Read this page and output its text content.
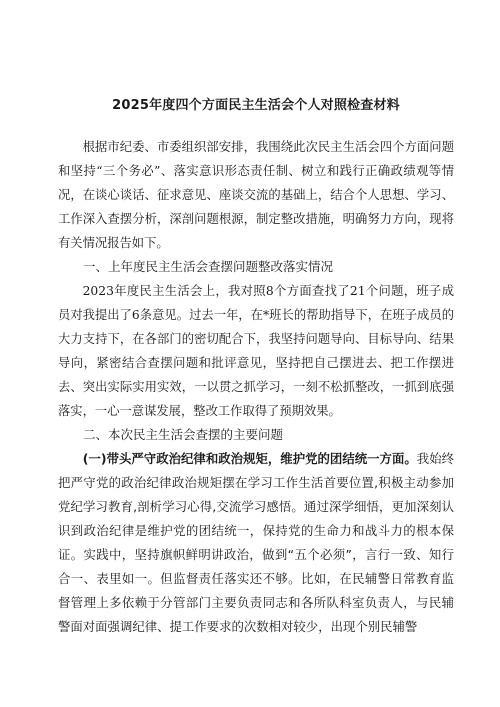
2025年度四个方面民主生活会个人对照检查材料

根据市纪委、市委组织部安排，我围绕此次民主生活会四个方面问题和坚持“三个务必”、落实意识形态责任制、树立和践行正确政绩观等情况，在谈心谈话、征求意见、座谈交流的基础上，结合个人思想、学习、工作深入查摆分析，深剖问题根源，制定整改措施，明确努力方向，现将有关情况报告如下。

一、上年度民主生活会查摆问题整改落实情况

2023年度民主生活会上，我对照8个方面查找了21个问题，班子成员对我提出了6条意见。过去一年，在*班长的帮助指导下，在班子成员的大力支持下，在各部门的密切配合下，我坚持问题导向、目标导向、结果导向，紧密结合查摆问题和批评意见，坚持把自己摆进去、把工作摆进去、突出实际实用实效，一以贯之抓学习，一刻不松抓整改，一抓到底强落实，一心一意谋发展，整改工作取得了预期效果。

二、本次民主生活会查摆的主要问题

(一)带头严守政治纪律和政治规矩，维护党的团结统一方面。我始终把严守党的政治纪律政治规矩摆在学习工作生活首要位置,积极主动参加党纪学习教育,剖析学习心得,交流学习感悟。通过深学细悟，更加深刻认识到政治纪律是维护党的团结统一，保持党的生命力和战斗力的根本保证。实践中，坚持旗帜鲜明讲政治，做到“五个必须”，言行一致、知行合一、表里如一。但监督责任落实还不够。比如，在民辅警日常教育监督管理上多依赖于分管部门主要负责同志和各所队科室负责人，与民辅警面对面强调纪律、提工作要求的次数相对较少，出现个别民辅警
